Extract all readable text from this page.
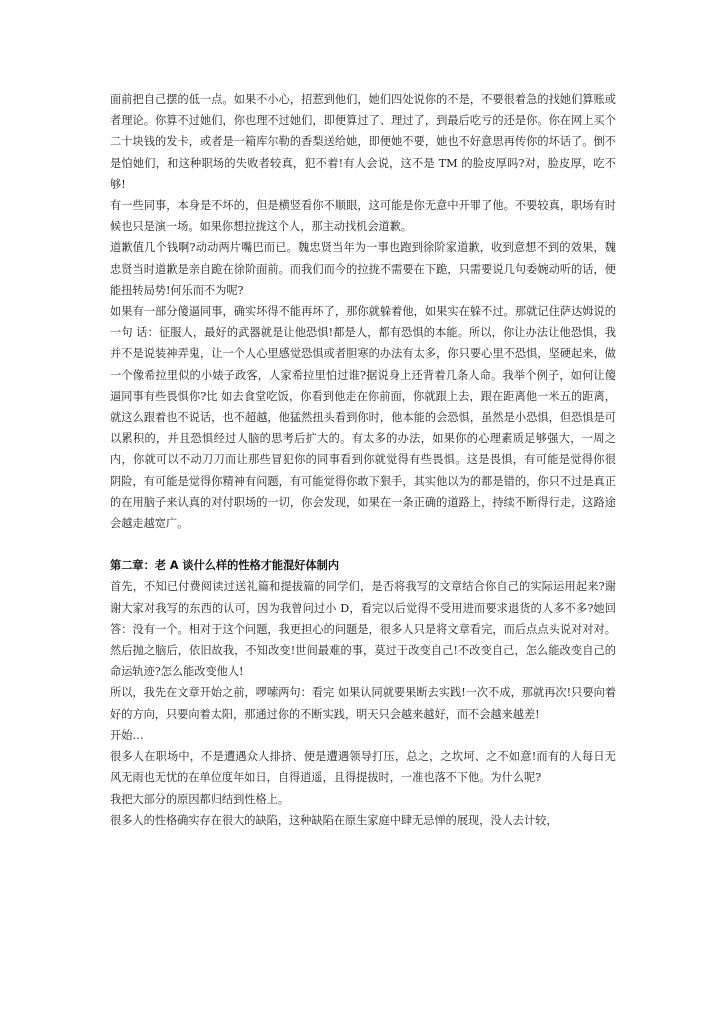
面前把自己摆的低一点。如果不小心，招惹到他们，她们四处说你的不是，不要很着急的找她们算账或者理论。你算不过她们，你也理不过她们，即便算过了、理过了，到最后吃亏的还是你。你在网上买个二十块钱的发卡，或者是一箱库尔勒的香梨送给她，即便她不要，她也不好意思再传你的坏话了。倒不是怕她们，和这种职场的失败者较真，犯不着!有人会说，这不是 TM 的脸皮厚吗?对，脸皮厚，吃不够!

有一些同事，本身是不坏的，但是横竖看你不顺眼，这可能是你无意中开罪了他。不要较真，职场有时候也只是演一场。如果你想拉拢这个人，那主动找机会道歉。

道歉值几个钱啊?动动两片嘴巴而已。魏忠贤当年为一事也跑到徐阶家道歉，收到意想不到的效果，魏忠贤当时道歉是亲自跪在徐阶面前。而我们而今的拉拢不需要在下跪，只需要说几句委婉动听的话，便能扭转局势!何乐而不为呢?

如果有一部分傻逼同事，确实坏得不能再坏了，那你就躲着他，如果实在躲不过。那就记住萨达姆说的一句 话：征服人，最好的武器就是让他恐惧!都是人，都有恐惧的本能。所以，你让办法让他恐惧，我并不是说装神弄鬼，让一个人心里感觉恐惧或者胆寒的办法有太多，你只要心里不恐惧，坚硬起来，做一个像希拉里似的小婊子政客，人家希拉里怕过谁?据说身上还背着几条人命。我举个例子，如何让傻逼同事有些畏惧你?比 如去食堂吃饭，你看到他走在你前面，你就跟上去，跟在距离他一米五的距离，就这么跟着也不说话，也不超越，他猛然扭头看到你时，他本能的会恐惧，虽然是小恐惧，但恐惧是可以累积的，并且恐惧经过人脑的思考后扩大的。有太多的办法，如果你的心理素质足够强大，一周之内，你就可以不动刀刀而让那些冒犯你的同事看到你就觉得有些畏惧。这是畏惧，有可能是觉得你很 阴险，有可能是觉得你精神有问题，有可能觉得你敢下狠手，其实他以为的都是错的，你只不过是真正的在用脑子来认真的对付职场的一切，你会发现，如果在一条正确的道路上，持续不断得行走，这路途会越走越宽广。

第二章：老 A 谈什么样的性格才能混好体制内

首先，不知已付费阅读过送礼篇和提拔篇的同学们，是否将我写的文章结合你自己的实际运用起来?谢谢大家对我写的东西的认可，因为我曾问过小 D，看完以后觉得不受用进而要求退货的人多不多?她回答：没有一个。相对于这个问题，我更担心的问题是，很多人只是将文章看完，而后点点头说对对对。然后抛之脑后，依旧故我，不知改变!世间最难的事，莫过于改变自己!不改变自己，怎么能改变自己的命运轨迹?怎么能改变他人!

所以，我先在文章开始之前，啰嗦两句：看完 如果认同就要果断去实践!一次不成，那就再次!只要向着好的方向，只要向着太阳，那通过你的不断实践，明天只会越来越好，而不会越来越差!

开始…

很多人在职场中，不是遭遇众人排挤、便是遭遇领导打压，总之，之坎坷、之不如意!而有的人每日无风无雨也无忧的在单位度年如日，自得逍遥，且得提拔时，一准也落不下他。为什么呢?

我把大部分的原因都归结到性格上。

很多人的性格确实存在很大的缺陷，这种缺陷在原生家庭中肆无忌惮的展现，没人去计较，
